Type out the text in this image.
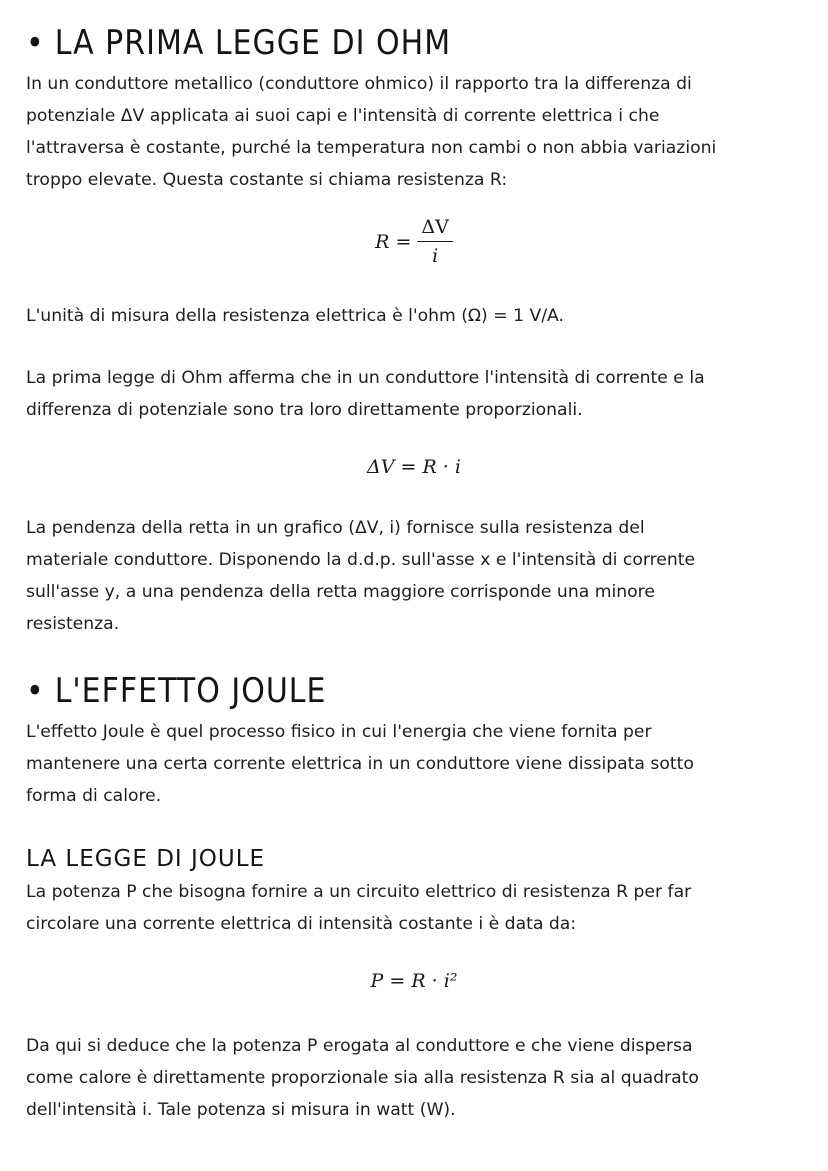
• LA PRIMA LEGGE DI OHM

In un conduttore metallico (conduttore ohmico) il rapporto tra la differenza di
potenziale ΔV applicata ai suoi capi e l'intensità di corrente elettrica i che
l'attraversa è costante, purché la temperatura non cambi o non abbia variazioni
troppo elevate. Questa costante si chiama resistenza R:

$R = \frac{\Delta V}{i}$

L'unità di misura della resistenza elettrica è l'ohm (Ω) = 1 V/A.

La prima legge di Ohm afferma che in un conduttore l'intensità di corrente e la
differenza di potenziale sono tra loro direttamente proporzionali.

ΔV = R · i

La pendenza della retta in un grafico (ΔV, i) fornisce sulla resistenza del
materiale conduttore. Disponendo la d.d.p. sull'asse x e l'intensità di corrente
sull'asse y, a una pendenza della retta maggiore corrisponde una minore
resistenza.

• L'EFFETTO JOULE

L'effetto Joule è quel processo fisico in cui l'energia che viene fornita per
mantenere una certa corrente elettrica in un conduttore viene dissipata sotto
forma di calore.

LA LEGGE DI JOULE

La potenza P che bisogna fornire a un circuito elettrico di resistenza R per far
circolare una corrente elettrica di intensità costante i è data da:

P = R · i²

Da qui si deduce che la potenza P erogata al conduttore e che viene dispersa
come calore è direttamente proporzionale sia alla resistenza R sia al quadrato
dell'intensità i. Tale potenza si misura in watt (W).
